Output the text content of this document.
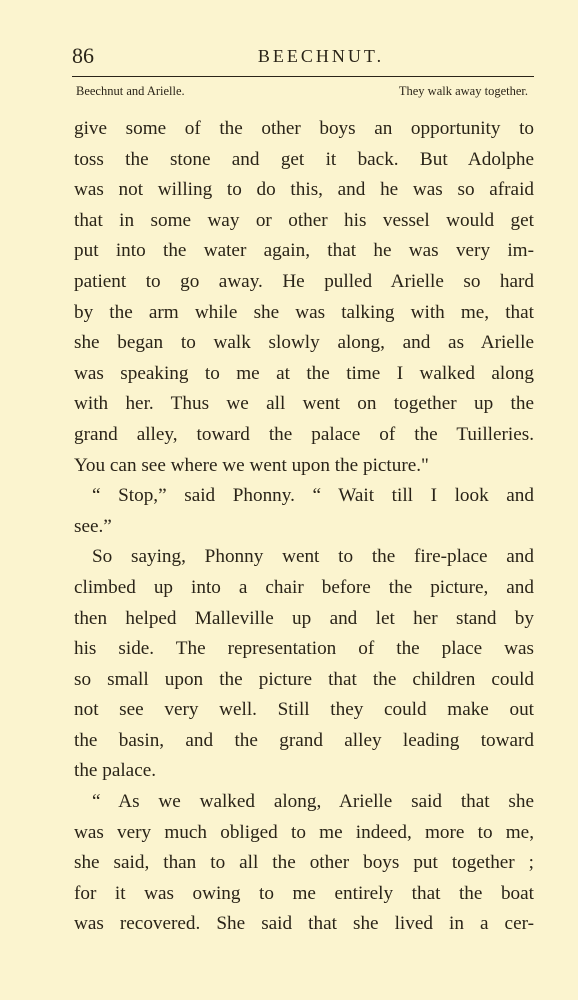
86	BEECHNUT.
Beechnut and Arielle.	They walk away together.
give some of the other boys an opportunity to
toss the stone and get it back. But Adolphe
was not willing to do this, and he was so afraid
that in some way or other his vessel would get
put into the water again, that he was very im-
patient to go away. He pulled Arielle so hard
by the arm while she was talking with me, that
she began to walk slowly along, and as Arielle
was speaking to me at the time I walked along
with her. Thus we all went on together up the
grand alley, toward the palace of the Tuilleries.
You can see where we went upon the picture."
“ Stop,” said Phonny. “ Wait till I look and
see.”
So saying, Phonny went to the fire-place and
climbed up into a chair before the picture, and
then helped Malleville up and let her stand by
his side. The representation of the place was
so small upon the picture that the children could
not see very well. Still they could make out
the basin, and the grand alley leading toward
the palace.
“ As we walked along, Arielle said that she
was very much obliged to me indeed, more to me,
she said, than to all the other boys put together ;
for it was owing to me entirely that the boat
was recovered. She said that she lived in a cer-
